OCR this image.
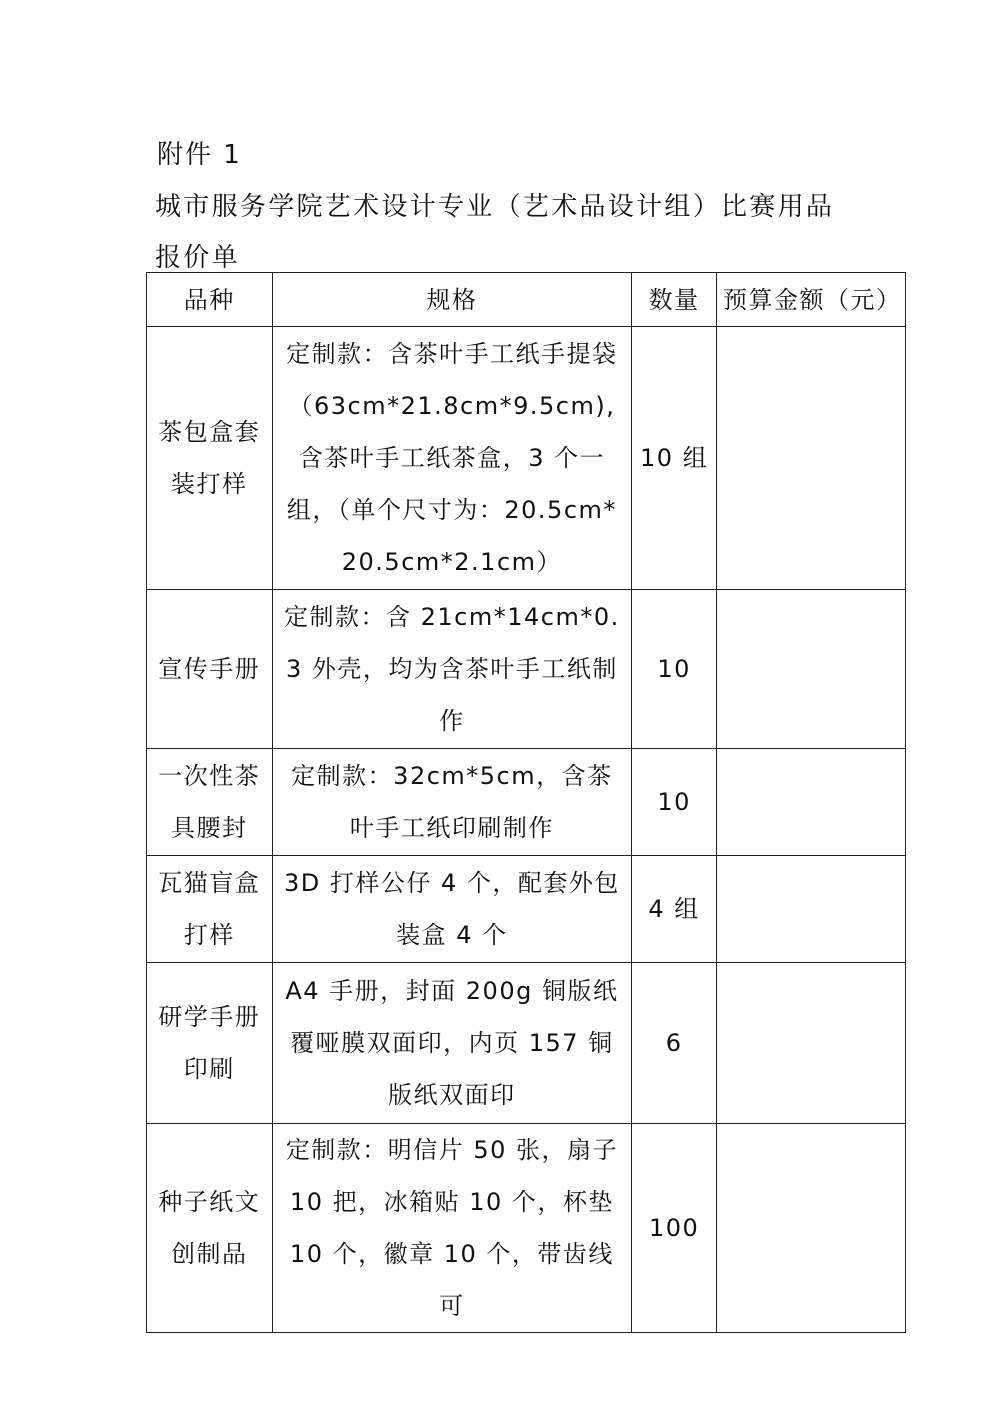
附件 1

城市服务学院艺术设计专业（艺术品设计组）比赛用品报价单
品种	规格	数量	预算金额（元）
茶包盒套装打样	定制款：含茶叶手工纸手提袋（63cm*21.8cm*9.5cm),含茶叶手工纸茶盒，3 个一组，（单个尺寸为：20.5cm*20.5cm*2.1cm）	10 组	
宣传手册	定制款：含 21cm*14cm*0.3 外壳，均为含茶叶手工纸制作	10	
一次性茶具腰封	定制款：32cm*5cm，含茶叶手工纸印刷制作	10	
瓦猫盲盒打样	3D 打样公仔 4 个，配套外包装盒 4 个	4 组	
研学手册印刷	A4 手册，封面 200g 铜版纸覆哑膜双面印，内页 157 铜版纸双面印	6	
种子纸文创制品	定制款：明信片 50 张，扇子 10 把，冰箱贴 10 个，杯垫 10 个，徽章 10 个，带齿线可	100	
